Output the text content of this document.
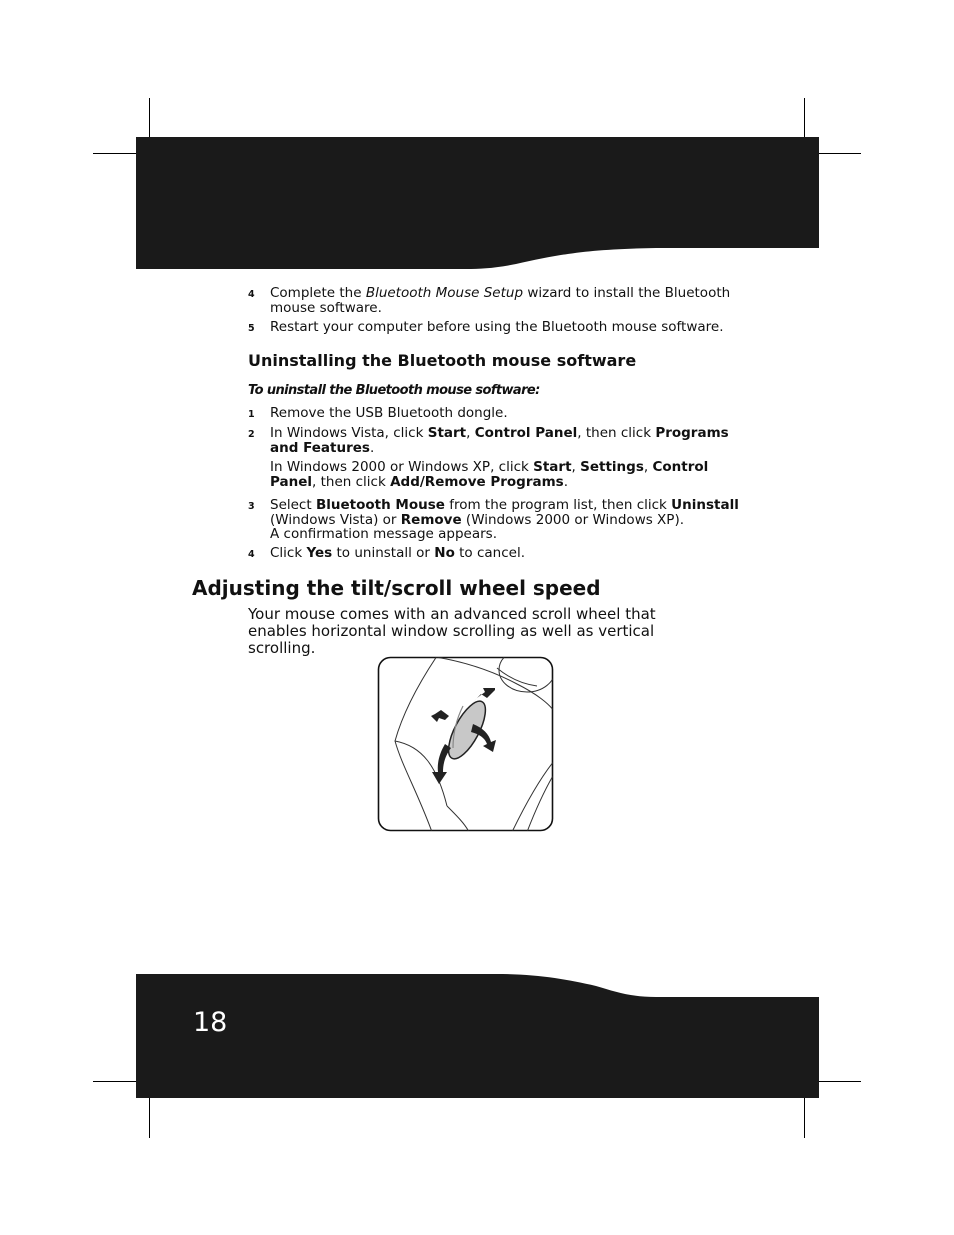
18
4	Complete the Bluetooth Mouse Setup wizard to install the Bluetooth mouse software.
5	Restart your computer before using the Bluetooth mouse software.
Uninstalling the Bluetooth mouse software
To uninstall the Bluetooth mouse software:
1	Remove the USB Bluetooth dongle.
2	In Windows Vista, click Start, Control Panel, then click Programs and Features.
In Windows 2000 or Windows XP, click Start, Settings, Control Panel, then click Add/Remove Programs.
3	Select Bluetooth Mouse from the program list, then click Uninstall (Windows Vista) or Remove (Windows 2000 or Windows XP).
A confirmation message appears.
4	Click Yes to uninstall or No to cancel.
Adjusting the tilt/scroll wheel speed
Your mouse comes with an advanced scroll wheel that enables horizontal window scrolling as well as vertical scrolling.
